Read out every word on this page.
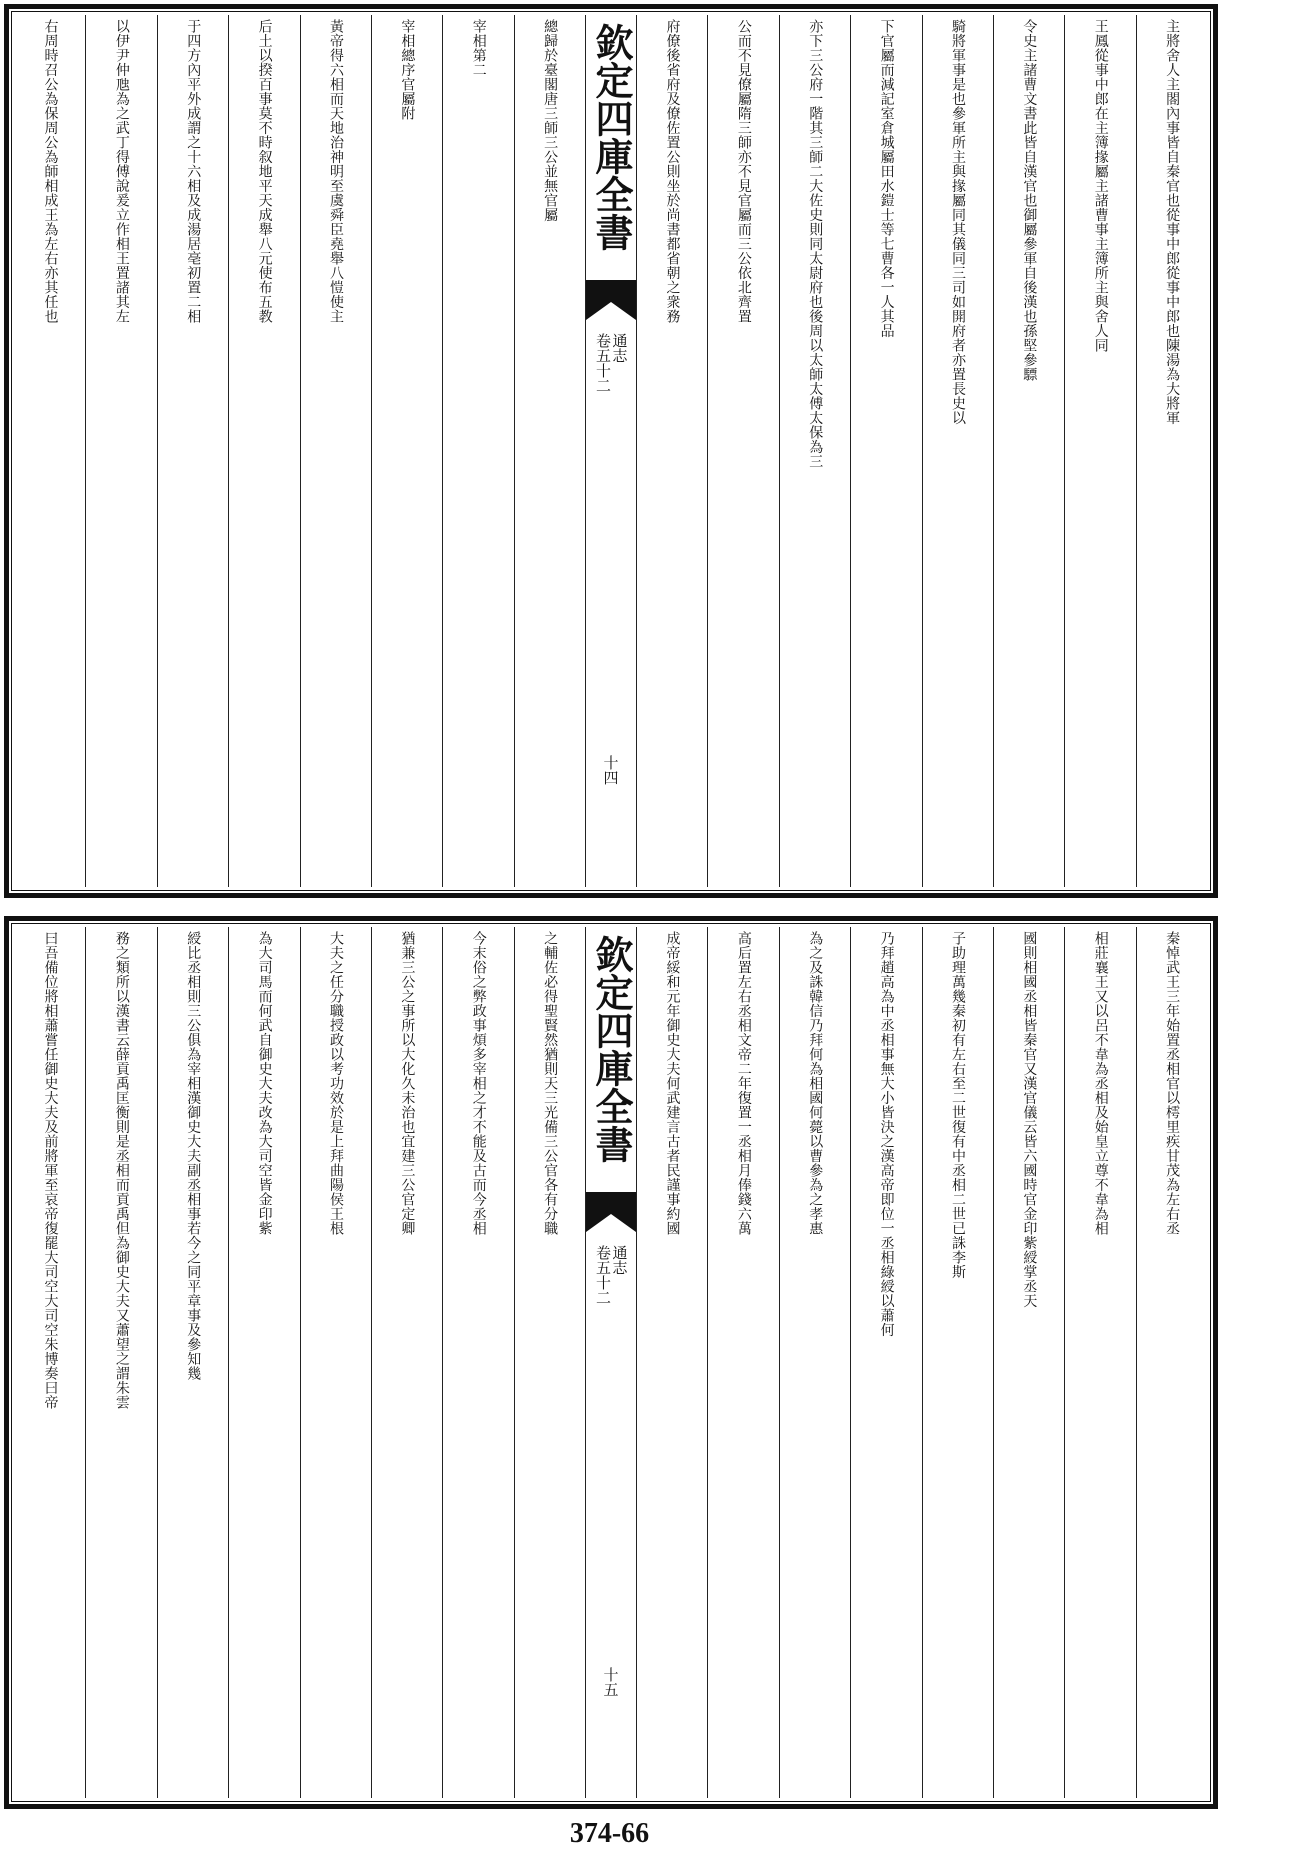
主將舍人主閤內事皆自秦官也從事中郎從事中郎也陳湯為大將軍
王鳳從事中郎在主簿掾屬主諸曹事主簿所主與舍人同
令史主諸曹文書此皆自漢官也御屬參軍自後漢也孫堅參驃
騎將軍事是也參軍所主與掾屬同其儀同三司如開府者亦置長史以
下官屬而減記室倉城屬田水鎧士等七曹各一人其品
亦下三公府一階其三師二大佐史則同太尉府也後周以太師太傅太保為三
公而不見僚屬隋三師亦不見官屬而三公依北齊置
府僚後省府及僚佐置公則坐於尚書都省朝之衆務
欽定四庫全書
通志
卷五十二
十四
總歸於臺閣唐三師三公並無官屬
宰相第二
宰相總序官屬附
黃帝得六相而天地治神明至虞舜臣堯舉八愷使主
后土以揆百事莫不時叙地平天成舉八元使布五教
于四方內平外成謂之十六相及成湯居亳初置二相
以伊尹仲虺為之武丁得傅說爰立作相王置諸其左
右周時召公為保周公為師相成王為左右亦其任也
秦悼武王三年始置丞相官以樗里疾甘茂為左右丞
相莊襄王又以呂不韋為丞相及始皇立尊不韋為相
國則相國丞相皆秦官又漢官儀云皆六國時官金印紫綬掌丞天
子助理萬幾秦初有左右至二世復有中丞相二世已誅李斯
乃拜趙高為中丞相事無大小皆決之漢高帝即位一丞相綠綬以蕭何
為之及誅韓信乃拜何為相國何薨以曹參為之孝惠
高后置左右丞相文帝二年復置一丞相月俸錢六萬
成帝綏和元年御史大夫何武建言古者民謹事約國
欽定四庫全書
通志
卷五十二
十五
之輔佐必得聖賢然猶則天三光備三公官各有分職
今末俗之弊政事煩多宰相之才不能及古而今丞相
猶兼三公之事所以大化久未治也宜建三公官定卿
大夫之任分職授政以考功效於是上拜曲陽侯王根
為大司馬而何武自御史大夫改為大司空皆金印紫
綬比丞相則三公俱為宰相漢御史大夫副丞相事若今之同平章事及參知幾
務之類所以漢書云薛貢禹匡衡則是丞相而貢禹但為御史大夫又蕭望之謂朱雲
曰吾備位將相蕭嘗任御史大夫及前將軍至哀帝復罷大司空大司空朱博奏曰帝
374-66
